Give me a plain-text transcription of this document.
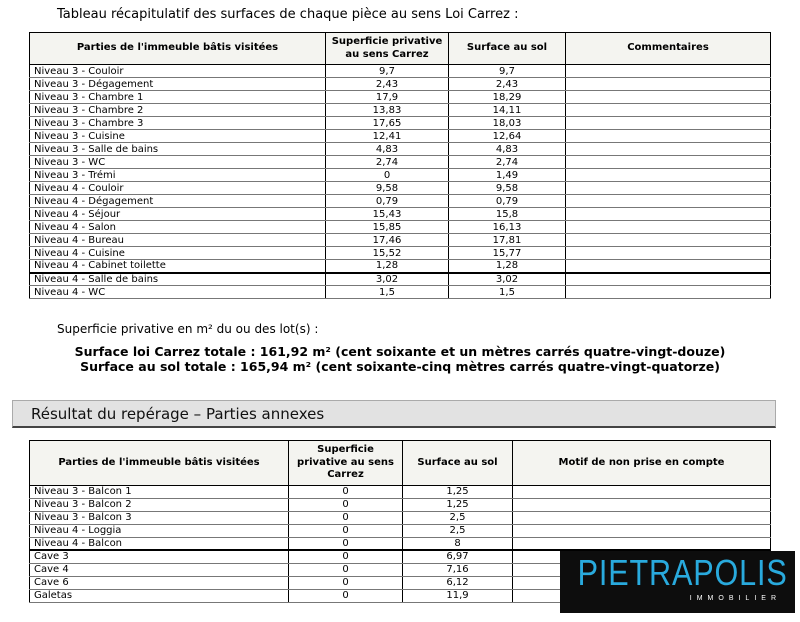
Tableau récapitulatif des surfaces de chaque pièce au sens Loi Carrez :
Parties de l'immeuble bâtis visitées	Superficie privative au sens Carrez	Surface au sol	Commentaires
Niveau 3 - Couloir	9,7	9,7	
Niveau 3 - Dégagement	2,43	2,43	
Niveau 3 - Chambre 1	17,9	18,29	
Niveau 3 - Chambre 2	13,83	14,11	
Niveau 3 - Chambre 3	17,65	18,03	
Niveau 3 - Cuisine	12,41	12,64	
Niveau 3 - Salle de bains	4,83	4,83	
Niveau 3 - WC	2,74	2,74	
Niveau 3 - Trémi	0	1,49	
Niveau 4 - Couloir	9,58	9,58	
Niveau 4 - Dégagement	0,79	0,79	
Niveau 4 - Séjour	15,43	15,8	
Niveau 4 - Salon	15,85	16,13	
Niveau 4 - Bureau	17,46	17,81	
Niveau 4 - Cuisine	15,52	15,77	
Niveau 4 - Cabinet toilette	1,28	1,28	
Niveau 4 - Salle de bains	3,02	3,02	
Niveau 4 - WC	1,5	1,5	
Superficie privative en m² du ou des lot(s) :
Surface loi Carrez totale : 161,92 m² (cent soixante et un mètres carrés quatre-vingt-douze)
Surface au sol totale : 165,94 m² (cent soixante-cinq mètres carrés quatre-vingt-quatorze)
Résultat du repérage – Parties annexes
Parties de l'immeuble bâtis visitées	Superficie privative au sens Carrez	Surface au sol	Motif de non prise en compte
Niveau 3 - Balcon 1	0	1,25	
Niveau 3 - Balcon 2	0	1,25	
Niveau 3 - Balcon 3	0	2,5	
Niveau 4 - Loggia	0	2,5	
Niveau 4 - Balcon	0	8	
Cave 3	0	6,97	
Cave 4	0	7,16	
Cave 6	0	6,12	
Galetas	0	11,9	
PIETRAPOLIS
IMMOBILIER
